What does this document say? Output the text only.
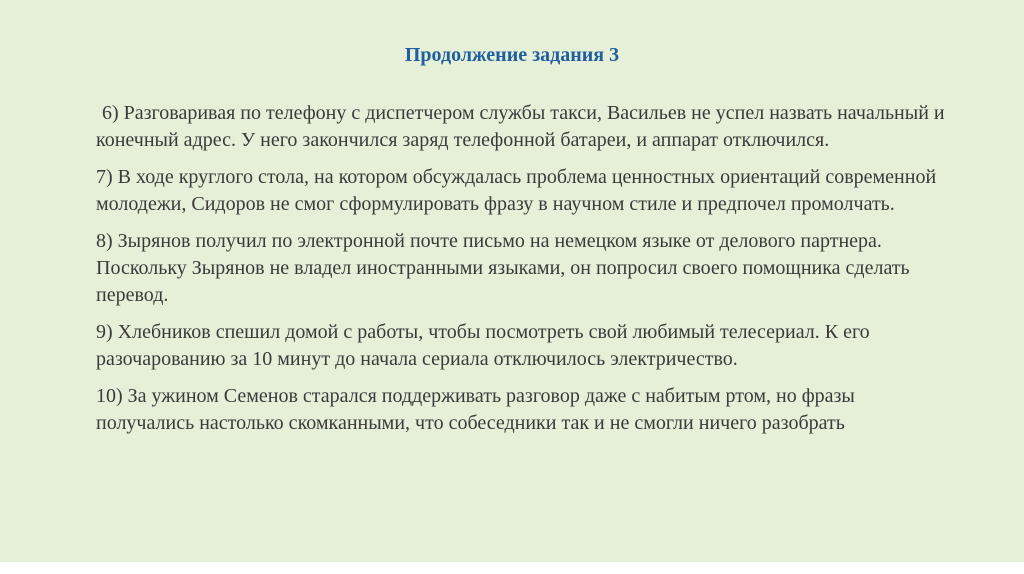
Продолжение задания 3
6) Разговаривая по телефону с диспетчером службы такси, Васильев не успел назвать начальный и конечный адрес. У него закончился заряд телефонной батареи, и аппарат отключился.
7) В ходе круглого стола, на котором обсуждалась проблема ценностных ориентаций современной молодежи, Сидоров не смог сформулировать фразу в научном стиле и предпочел промолчать.
8) Зырянов получил по электронной почте письмо на немецком языке от делового партнера. Поскольку Зырянов не владел иностранными языками, он попросил своего помощника сделать перевод.
9) Хлебников спешил домой с работы, чтобы посмотреть свой любимый телесериал. К его разочарованию за 10 минут до начала сериала отключилось электричество.
10) За ужином Семенов старался поддерживать разговор даже с набитым ртом, но фразы получались настолько скомканными, что собеседники так и не смогли ничего разобрать
